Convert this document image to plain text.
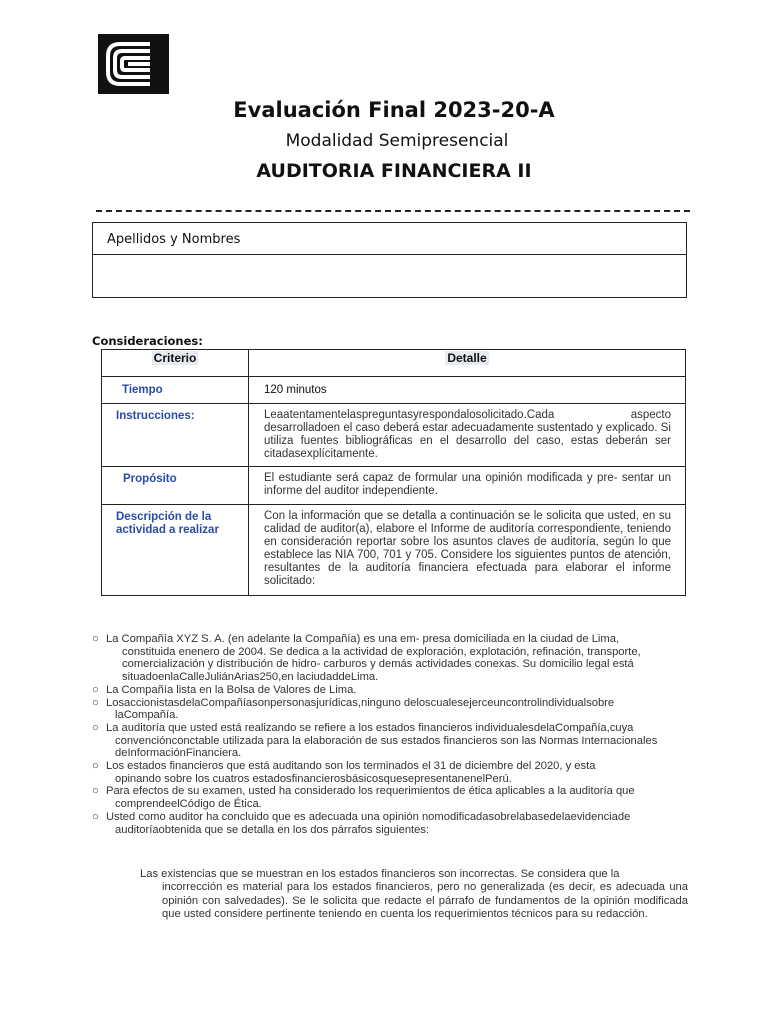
Evaluación Final 2023-20-A
Modalidad Semipresencial
AUDITORIA FINANCIERA II
Apellidos y Nombres
Consideraciones:
Criterio	Detalle
Tiempo	120 minutos
Instrucciones:	Leaatentamentelaspreguntasyrespondalosolicitado.Cada aspecto desarrolladoen el caso deberá estar adecuadamente sustentado y explicado. Si utiliza fuentes bibliográficas en el desarrollo del caso, estas deberán ser citadasexplícitamente.
Propósito	El estudiante será capaz de formular una opinión modificada y pre- sentar un informe del auditor independiente.
Descripción de la actividad a realizar	Con la información que se detalla a continuación se le solicita que usted, en su calidad de auditor(a), elabore el Informe de auditoría correspondiente, teniendo en consideración reportar sobre los asuntos claves de auditoría, según lo que establece las NIA 700, 701 y 705. Considere los siguientes puntos de atención, resultantes de la auditoría financiera efectuada para elaborar el informe solicitado:
○ La Compañía XYZ S. A. (en adelante la Compañía) es una em- presa domiciliada en la ciudad de Lima,
constituida enenero de 2004. Se dedica a la actividad de exploración, explotación, refinación, transporte,
comercialización y distribución de hidro- carburos y demás actividades conexas. Su domicilio legal está
situadoenlaCalleJuliánArias250,en laciudaddeLima.
○ La Compañía lista en la Bolsa de Valores de Lima.
○ LosaccionistasdelaCompañíasonpersonasjurídicas,ninguno deloscualesejerceuncontrolindividualsobre
laCompañía.
○ La auditoría que usted está realizando se refiere a los estados financieros individualesdelaCompañía,cuya
convenciónconctable utilizada para la elaboración de sus estados financieros son las Normas Internacionales
deInformaciónFinanciera.
○ Los estados financieros que está auditando son los terminados el 31 de diciembre del 2020, y esta
opinando sobre los cuatros estadosfinancierosbásicosquesepresentanenelPerú.
○ Para efectos de su examen, usted ha considerado los requerimientos de ética aplicables a la auditoría que
comprendeelCódigo de Ética.
○ Usted como auditor ha concluido que es adecuada una opinión nomodificadasobrelabasedelaevidenciade
auditoríaobtenida que se detalla en los dos párrafos siguientes:
Las existencias que se muestran en los estados financieros son incorrectas. Se considera que la
incorrección es material para los estados financieros, pero no generalizada (es decir, es adecuada una opinión con salvedades). Se le solicita que redacte el párrafo de fundamentos de la opinión modificada que usted considere pertinente teniendo en cuenta los requerimientos técnicos para su redacción.
